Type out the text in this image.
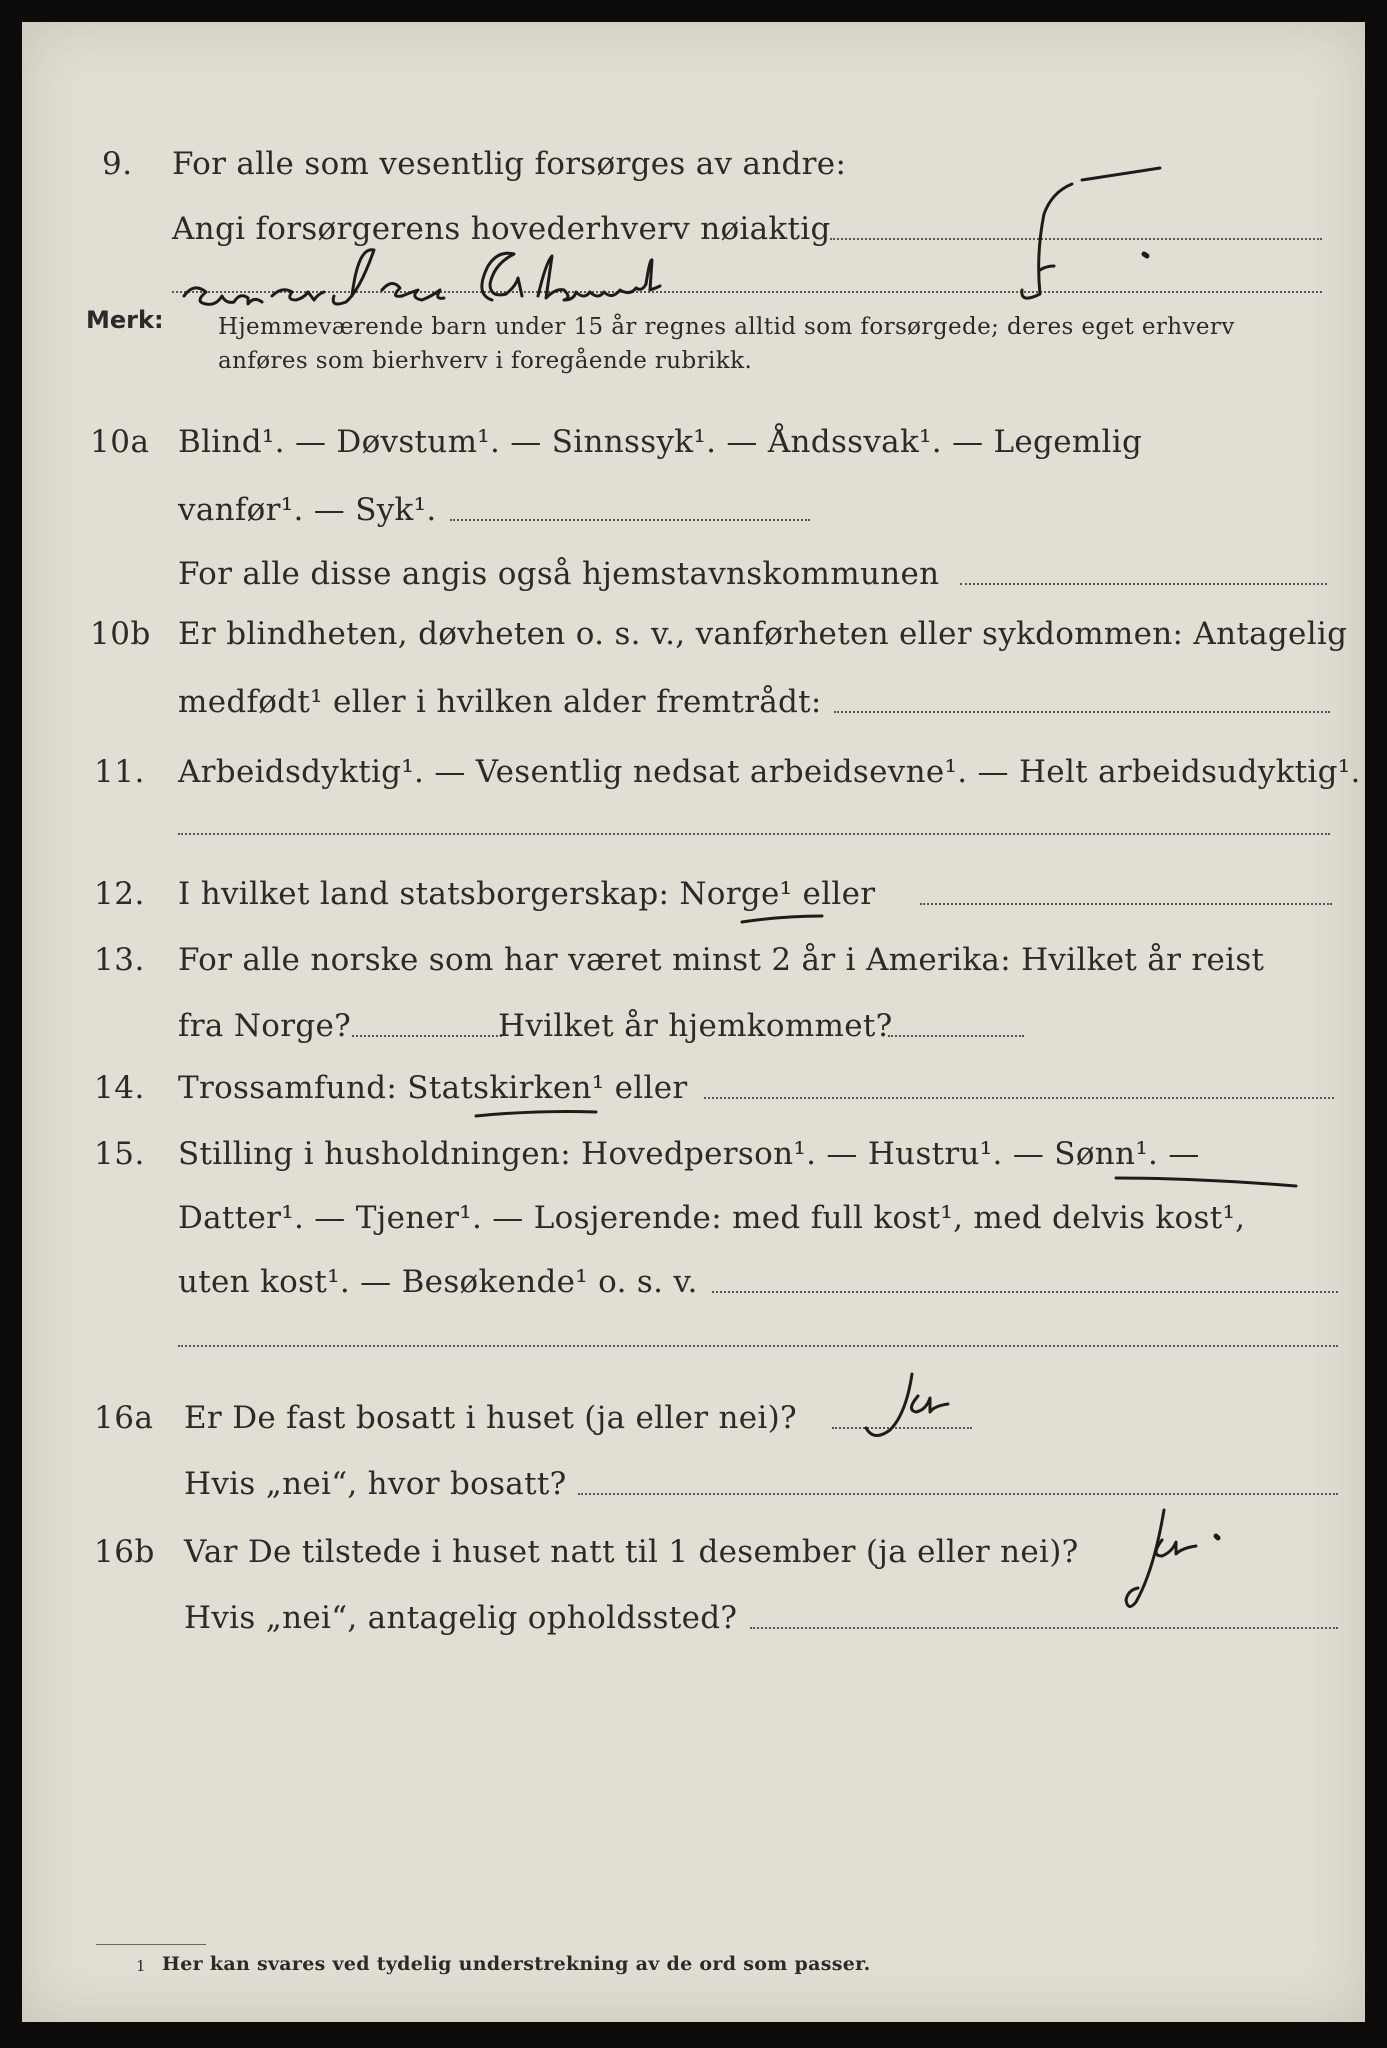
9. For alle som vesentlig forsørges av andre:
Angi forsørgerens hovederhverv nøiaktig
Merk: Hjemmeværende barn under 15 år regnes alltid som forsørgede; deres eget erhverv
anføres som bierhverv i foregående rubrikk.
10a Blind¹. — Døvstum¹. — Sinnssyk¹. — Åndssvak¹. — Legemlig
vanfør¹. — Syk¹.
For alle disse angis også hjemstavnskommunen
10b Er blindheten, døvheten o. s. v., vanførheten eller sykdommen: Antagelig
medfødt¹ eller i hvilken alder fremtrådt:
11. Arbeidsdyktig¹. — Vesentlig nedsat arbeidsevne¹. — Helt arbeidsudyktig¹.
12. I hvilket land statsborgerskap: Norge¹ eller
13. For alle norske som har været minst 2 år i Amerika: Hvilket år reist
fra Norge?	Hvilket år hjemkommet?
14. Trossamfund: Statskirken¹ eller
15. Stilling i husholdningen: Hovedperson¹. — Hustru¹. — Sønn¹. —
Datter¹. — Tjener¹. — Losjerende: med full kost¹, med delvis kost¹,
uten kost¹. — Besøkende¹ o. s. v.
16a Er De fast bosatt i huset (ja eller nei)?
Hvis „nei“, hvor bosatt?
16b Var De tilstede i huset natt til 1 desember (ja eller nei)?
Hvis „nei“, antagelig opholdssted?
1 Her kan svares ved tydelig understrekning av de ord som passer.
